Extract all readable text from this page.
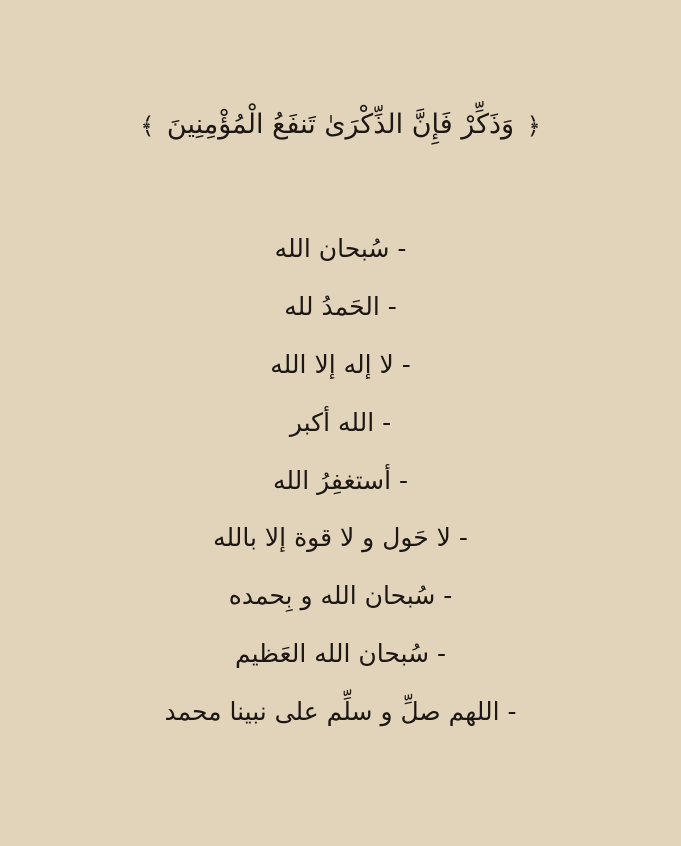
﴿ وَذَكِّرْ فَإِنَّ الذِّكْرَىٰ تَنفَعُ الْمُؤْمِنِينَ ﴾
- سُبحان الله
- الحَمدُ لله
- لا إله إلا الله
- الله أكبر
- أستغفِرُ الله
- لا حَول و لا قوة إلا بالله
- سُبحان الله و بِحمده
- سُبحان الله العَظيم
- اللهم صلِّ و سلِّم على نبينا محمد
